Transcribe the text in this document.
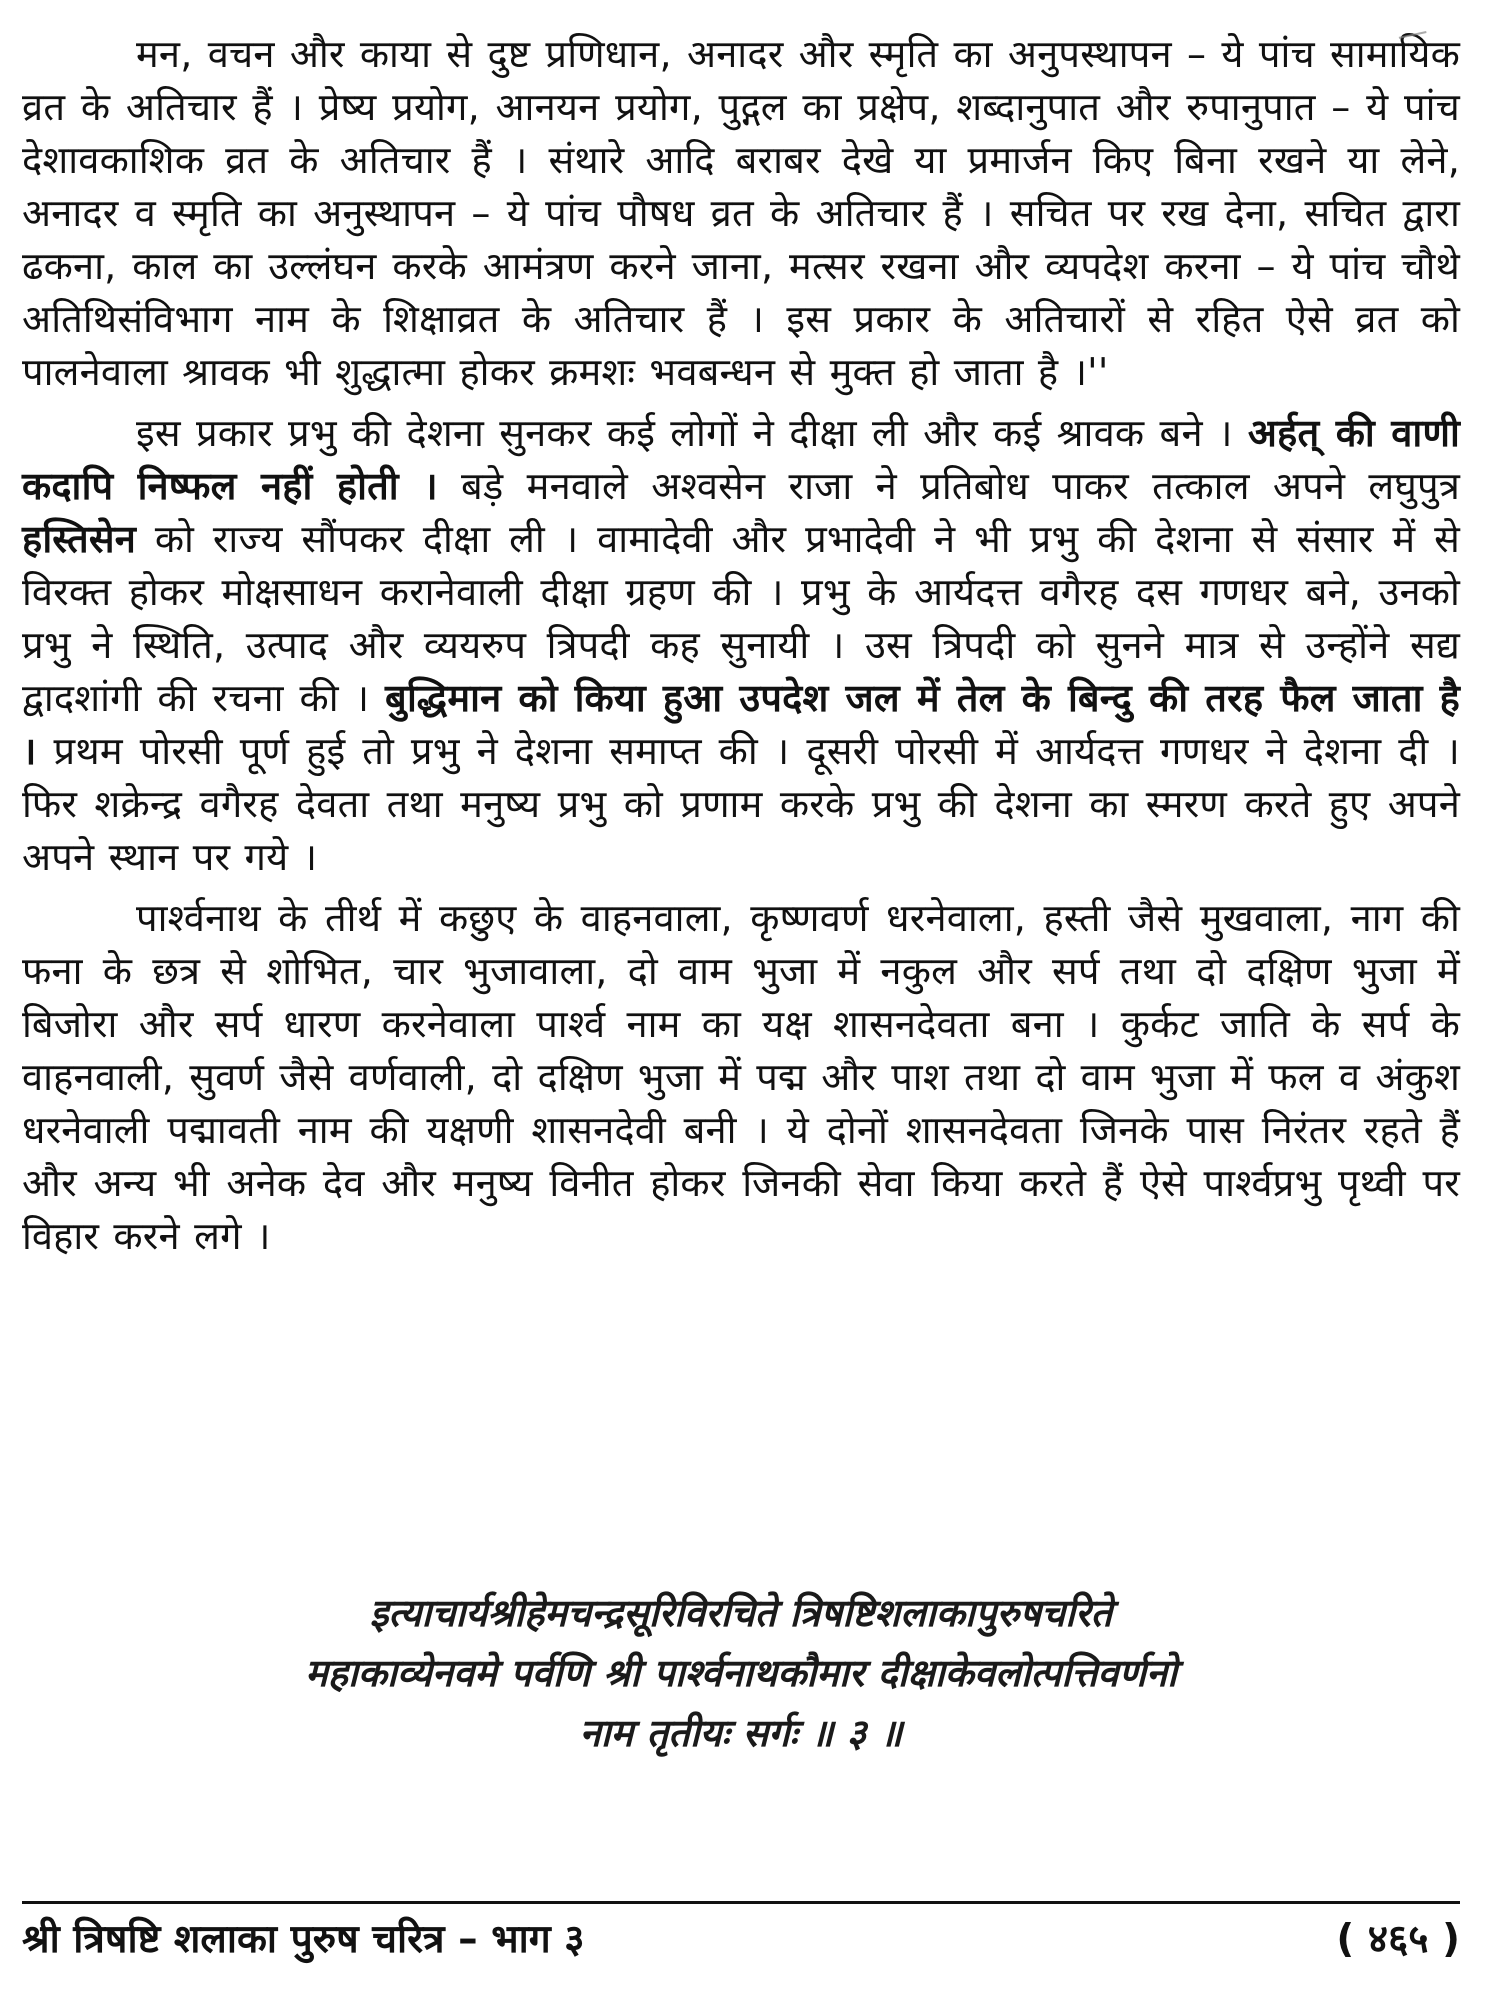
मन, वचन और काया से दुष्ट प्रणिधान, अनादर और स्मृति का अनुपस्थापन – ये पांच सामायिक व्रत के अतिचार हैं । प्रेष्य प्रयोग, आनयन प्रयोग, पुद्गल का प्रक्षेप, शब्दानुपात और रुपानुपात – ये पांच देशावकाशिक व्रत के अतिचार हैं । संथारे आदि बराबर देखे या प्रमार्जन किए बिना रखने या लेने, अनादर व स्मृति का अनुस्थापन – ये पांच पौषध व्रत के अतिचार हैं । सचित पर रख देना, सचित द्वारा ढकना, काल का उल्लंघन करके आमंत्रण करने जाना, मत्सर रखना और व्यपदेश करना – ये पांच चौथे अतिथिसंविभाग नाम के शिक्षाव्रत के अतिचार हैं । इस प्रकार के अतिचारों से रहित ऐसे व्रत को पालनेवाला श्रावक भी शुद्धात्मा होकर क्रमशः भवबन्धन से मुक्त हो जाता है ।''

इस प्रकार प्रभु की देशना सुनकर कई लोगों ने दीक्षा ली और कई श्रावक बने । अर्हत् की वाणी कदापि निष्फल नहीं होती । बड़े मनवाले अश्वसेन राजा ने प्रतिबोध पाकर तत्काल अपने लघुपुत्र हस्तिसेन को राज्य सौंपकर दीक्षा ली । वामादेवी और प्रभादेवी ने भी प्रभु की देशना से संसार में से विरक्त होकर मोक्षसाधन करानेवाली दीक्षा ग्रहण की । प्रभु के आर्यदत्त वगैरह दस गणधर बने, उनको प्रभु ने स्थिति, उत्पाद और व्ययरुप त्रिपदी कह सुनायी । उस त्रिपदी को सुनने मात्र से उन्होंने सद्य द्वादशांगी की रचना की । बुद्धिमान को किया हुआ उपदेश जल में तेल के बिन्दु की तरह फैल जाता है । प्रथम पोरसी पूर्ण हुई तो प्रभु ने देशना समाप्त की । दूसरी पोरसी में आर्यदत्त गणधर ने देशना दी । फिर शक्रेन्द्र वगैरह देवता तथा मनुष्य प्रभु को प्रणाम करके प्रभु की देशना का स्मरण करते हुए अपने अपने स्थान पर गये ।

पार्श्वनाथ के तीर्थ में कछुए के वाहनवाला, कृष्णवर्ण धरनेवाला, हस्ती जैसे मुखवाला, नाग की फना के छत्र से शोभित, चार भुजावाला, दो वाम भुजा में नकुल और सर्प तथा दो दक्षिण भुजा में बिजोरा और सर्प धारण करनेवाला पार्श्व नाम का यक्ष शासनदेवता बना । कुर्कट जाति के सर्प के वाहनवाली, सुवर्ण जैसे वर्णवाली, दो दक्षिण भुजा में पद्म और पाश तथा दो वाम भुजा में फल व अंकुश धरनेवाली पद्मावती नाम की यक्षणी शासनदेवी बनी । ये दोनों शासनदेवता जिनके पास निरंतर रहते हैं और अन्य भी अनेक देव और मनुष्य विनीत होकर जिनकी सेवा किया करते हैं ऐसे पार्श्वप्रभु पृथ्वी पर विहार करने लगे ।

इत्याचार्यश्रीहेमचन्द्रसूरिविरचिते त्रिषष्टिशलाकापुरुषचरिते
महाकाव्येनवमे पर्वणि श्री पार्श्वनाथकौमार दीक्षाकेवलोत्पत्तिवर्णनो
नाम तृतीयः सर्गः ॥ ३ ॥
श्री त्रिषष्टि शलाका पुरुष चरित्र – भाग ३	( ४६५ )
